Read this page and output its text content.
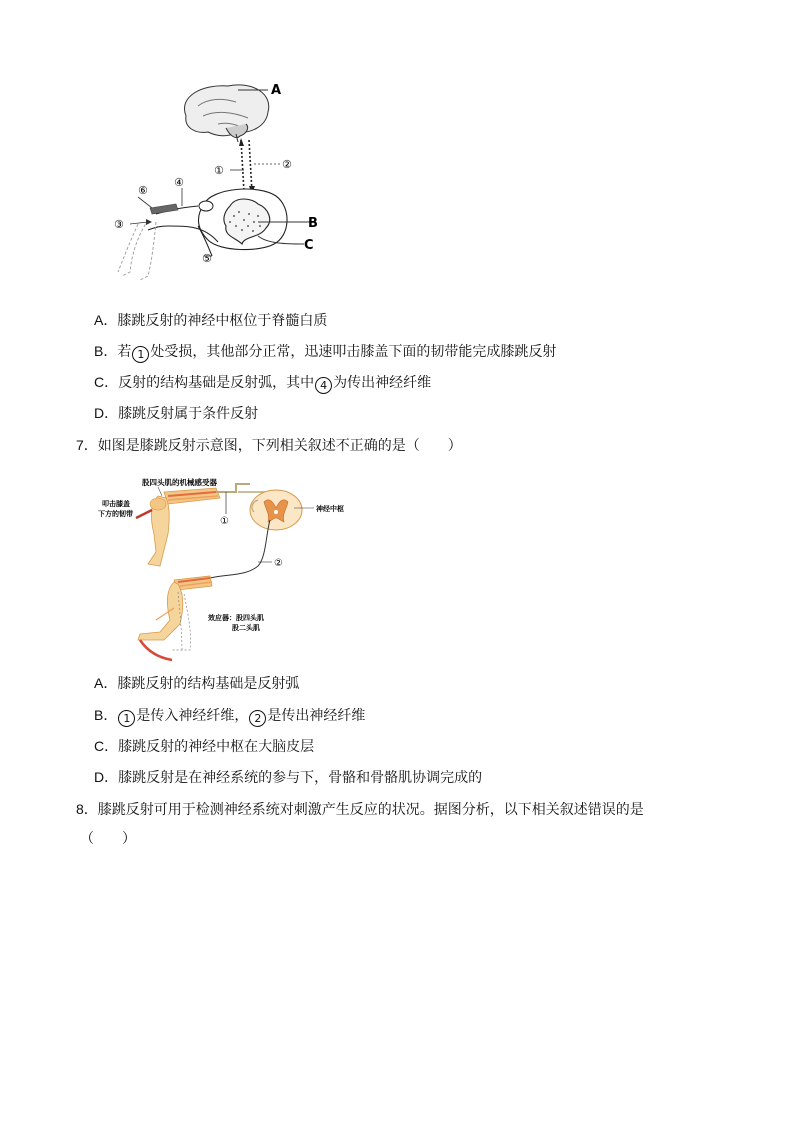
A
①	②
B
C
⑥
④
③
⑤
A．膝跳反射的神经中枢位于脊髓白质
B．若 1 处受损，其他部分正常，迅速叩击膝盖下面的韧带能完成膝跳反射
C．反射的结构基础是反射弧，其中 4 为传出神经纤维
D．膝跳反射属于条件反射
7．如图是膝跳反射示意图，下列相关叙述不正确的是（　　）
股四头肌的机械感受器
叩击膝盖
下方的韧带
①
神经中枢
②
效应器：股四头肌
股二头肌
A．膝跳反射的结构基础是反射弧
B． 1 是传入神经纤维， 2 是传出神经纤维
C．膝跳反射的神经中枢在大脑皮层
D．膝跳反射是在神经系统的参与下，骨骼和骨骼肌协调完成的
8．膝跳反射可用于检测神经系统对刺激产生反应的状况。据图分析，以下相关叙述错误的是
（　　）
